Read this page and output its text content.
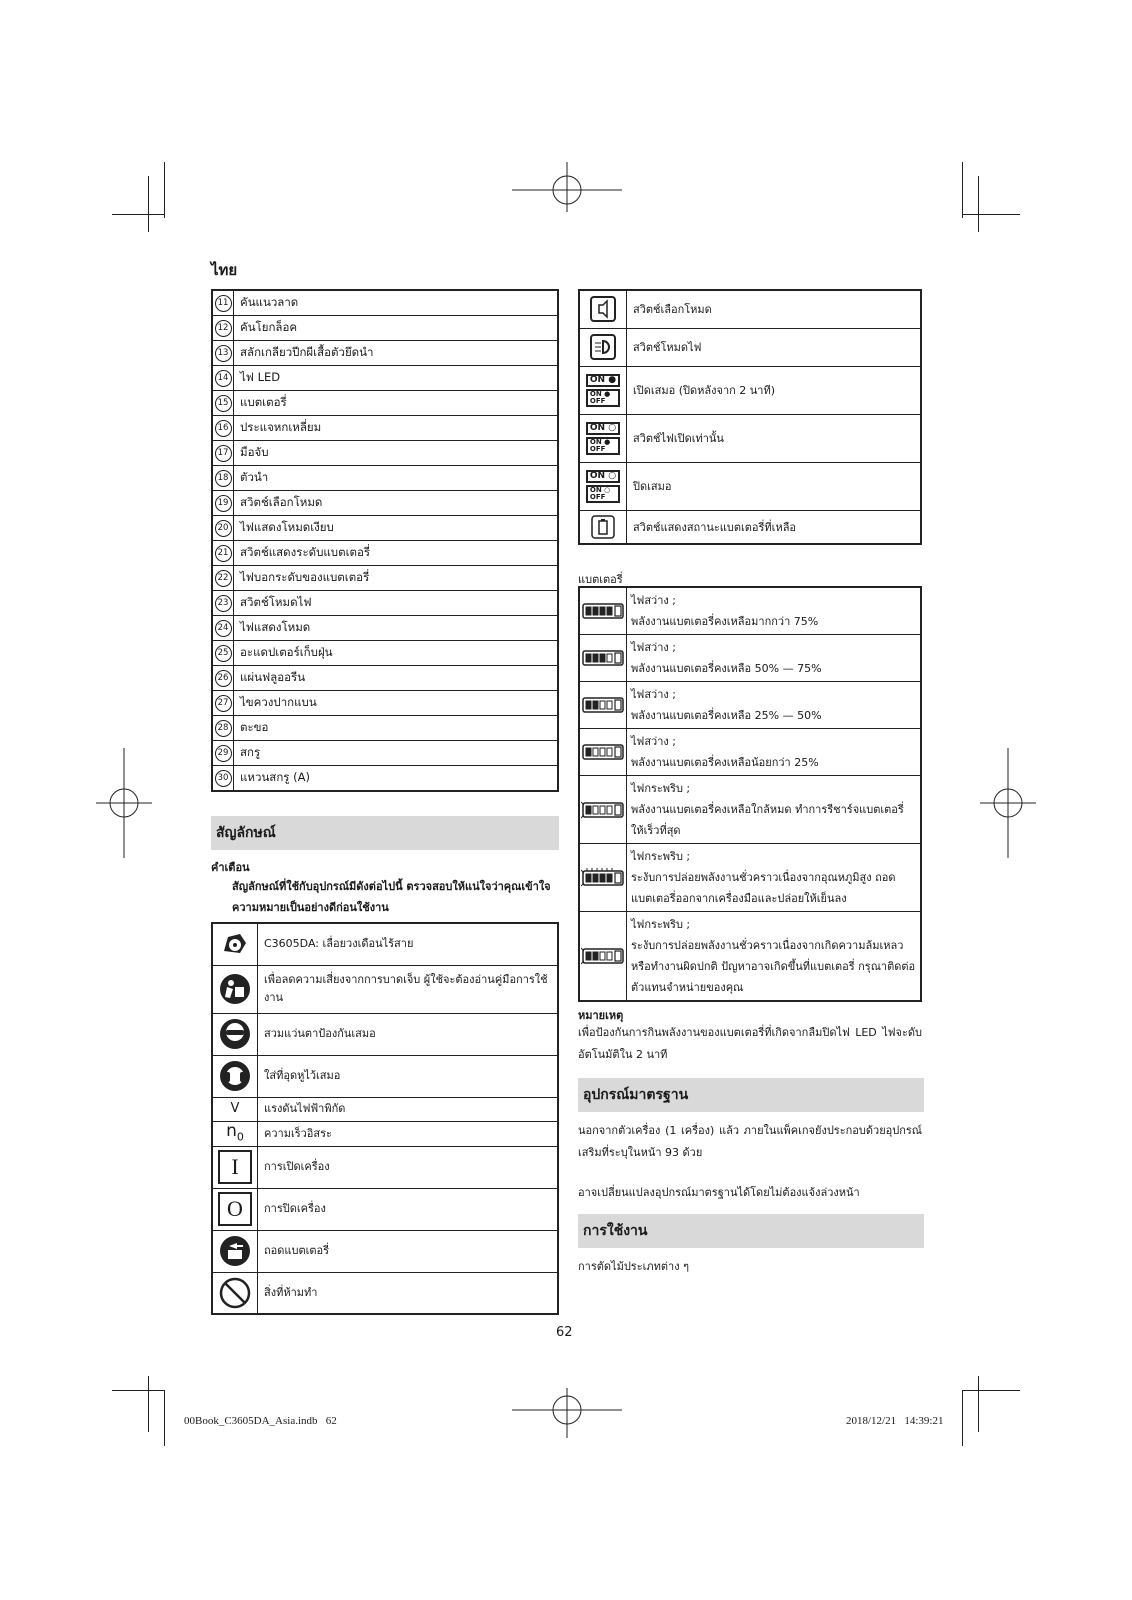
ไทย
11	คันแนวลาด
12	คันโยกล็อค
13	สลักเกลียวปีกผีเสื้อตัวยึดนำ
14	ไฟ LED
15	แบตเตอรี่
16	ประแจหกเหลี่ยม
17	มือจับ
18	ตัวนำ
19	สวิตช์เลือกโหมด
20	ไฟแสดงโหมดเงียบ
21	สวิตช์แสดงระดับแบตเตอรี่
22	ไฟบอกระดับของแบตเตอรี่
23	สวิตช์โหมดไฟ
24	ไฟแสดงโหมด
25	อะแดปเตอร์เก็บฝุ่น
26	แผ่นฟลูออรีน
27	ไขควงปากแบน
28	ตะขอ
29	สกรู
30	แหวนสกรู (A)
สัญลักษณ์
คำเตือน
สัญลักษณ์ที่ใช้กับอุปกรณ์มีดังต่อไปนี้ ตรวจสอบให้แน่ใจว่าคุณเข้าใจความหมายเป็นอย่างดีก่อนใช้งาน
	C3605DA: เลื่อยวงเดือนไร้สาย

	เพื่อลดความเสี่ยงจากการบาดเจ็บ ผู้ใช้จะต้องอ่านคู่มือการใช้งาน

	สวมแว่นตาป้องกันเสมอ

	ใส่ที่อุดหูไว้เสมอ
V	แรงดันไฟฟ้าพิกัด
$n_0$	ความเร็วอิสระ
I	การเปิดเครื่อง
O	การปิดเครื่อง

	ถอดแบตเตอรี่

	สิ่งที่ห้ามทำ
	สวิตช์เลือกโหมด

	สวิตช์โหมดไฟ

ON ●
ON ●
OFF	เปิดเสมอ (ปิดหลังจาก 2 นาที)

ON ○
ON ●
OFF	สวิตช์ไฟเปิดเท่านั้น

ON ○
ON ○
OFF	ปิดเสมอ

	สวิตช์แสดงสถานะแบตเตอรี่ที่เหลือ
แบตเตอรี่

ไฟสว่าง ;
พลังงานแบตเตอรี่คงเหลือมากกว่า 75%

ไฟสว่าง ;
พลังงานแบตเตอรี่คงเหลือ 50% — 75%

ไฟสว่าง ;
พลังงานแบตเตอรี่คงเหลือ 25% — 50%

ไฟสว่าง ;
พลังงานแบตเตอรี่คงเหลือน้อยกว่า 25%

ไฟกระพริบ ;
พลังงานแบตเตอรี่คงเหลือใกล้หมด ทำการรีชาร์จแบตเตอรี่ให้เร็วที่สุด

ไฟกระพริบ ;
ระงับการปล่อยพลังงานชั่วคราวเนื่องจากอุณหภูมิสูง ถอดแบตเตอรี่ออกจากเครื่องมือและปล่อยให้เย็นลง

ไฟกระพริบ ;
ระงับการปล่อยพลังงานชั่วคราวเนื่องจากเกิดความล้มเหลวหรือทำงานผิดปกติ ปัญหาอาจเกิดขึ้นที่แบตเตอรี่ กรุณาติดต่อตัวแทนจำหน่ายของคุณ
หมายเหตุ
เพื่อป้องกันการกินพลังงานของแบตเตอรี่ที่เกิดจากลืมปิดไฟ LED ไฟจะดับอัตโนมัติใน 2 นาที
อุปกรณ์มาตรฐาน
นอกจากตัวเครื่อง (1 เครื่อง) แล้ว ภายในแพ็คเกจยังประกอบด้วยอุปกรณ์เสริมที่ระบุในหน้า 93 ด้วย
อาจเปลี่ยนแปลงอุปกรณ์มาตรฐานได้โดยไม่ต้องแจ้งล่วงหน้า
การใช้งาน
การตัดไม้ประเภทต่าง ๆ
62
00Book_C3605DA_Asia.indb   62	2018/12/21   14:39:21
